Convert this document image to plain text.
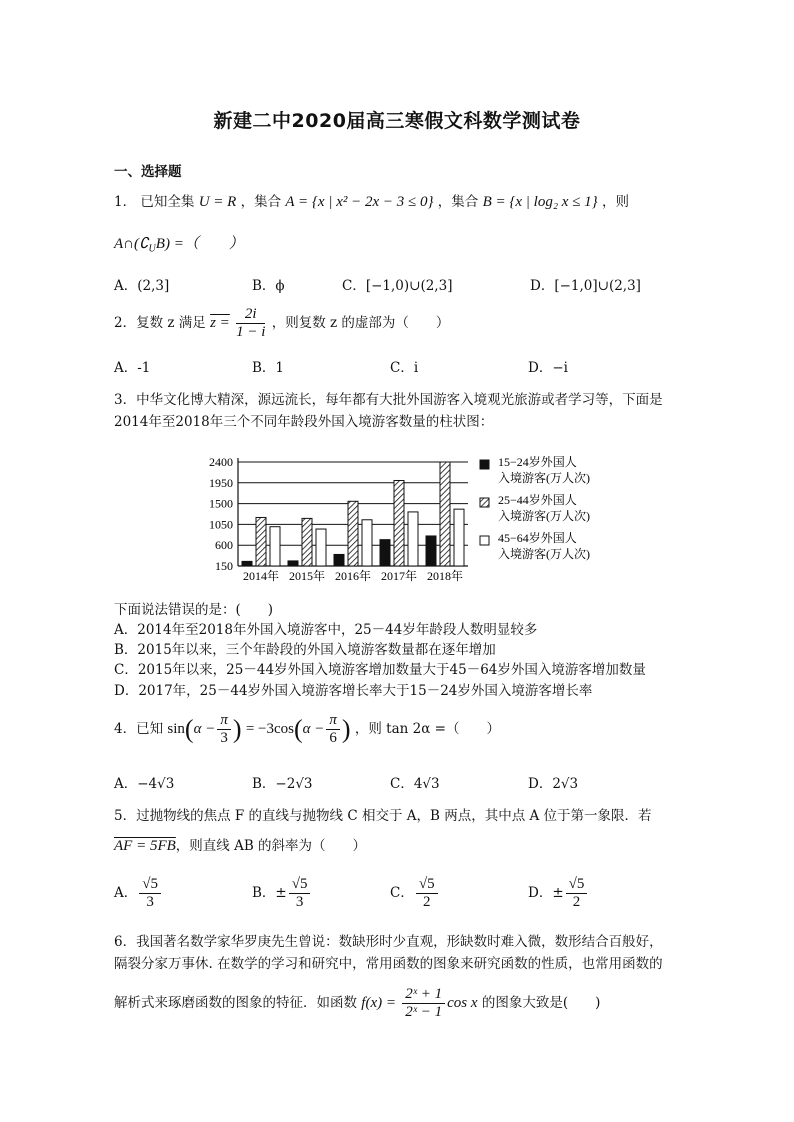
新建二中2020届高三寒假文科数学测试卷
一、选择题
1． 已知全集 U = R ，集合 A = {x | x² − 2x − 3 ≤ 0} ，集合 B = {x | log₂ x ≤ 1} ，则
$A\cap(∁_UB)$ =（　　）
A．(2,3]	B．ϕ	C．[−1,0)∪(2,3]	D．[−1,0]∪(2,3]
2．复数 z 满足 $z = \frac{2i}{1 - i}$ ，则复数 z 的虚部为（　　）
A．-1	B．1	C．i	D．−i
3．中华文化博大精深，源远流长，每年都有大批外国游客入境观光旅游或者学习等，下面是
2014年至2018年三个不同年龄段外国入境游客数量的柱状图：
150
600
1050
1500
1950
2400
2014年 2015年 2016年 2017年 2018年
15−24岁外国人
入境游客(万人次)
25−44岁外国人
入境游客(万人次)
45−64岁外国人
入境游客(万人次)
下面说法错误的是：(　　)
A．2014年至2018年外国入境游客中，25－44岁年龄段人数明显较多
B．2015年以来，三个年龄段的外国入境游客数量都在逐年增加
C．2015年以来，25－44岁外国入境游客增加数量大于45－64岁外国入境游客增加数量
D．2017年，25－44岁外国入境游客增长率大于15－24岁外国入境游客增长率
4．已知 $\sin(\alpha - \frac{\pi}{3}$ ) = $-3\cos(\alpha - \frac{\pi}{6}$ ) ，则 tan 2α =（　　）
A．−4√3	B．−2√3	C．4√3	D．2√3
5．过抛物线的焦点 F 的直线与抛物线 C 相交于 A，B 两点，其中点 A 位于第一象限．若
AF = 5FB，则直线 AB 的斜率为（　　）
A． $\frac{√5}{3}$	B．± $\frac{√5}{3}$	C． $\frac{√5}{2}$	D．± $\frac{√5}{2}$
6．我国著名数学家华罗庚先生曾说：数缺形时少直观，形缺数时难入微，数形结合百般好，
隔裂分家万事休. 在数学的学习和研究中，常用函数的图象来研究函数的性质，也常用函数的
解析式来琢磨函数的图象的特征．如函数 $f(x) = \frac{\text{2ˣ + 1}}{\text{2ˣ − 1}}$ cos x 的图象大致是(　　)
